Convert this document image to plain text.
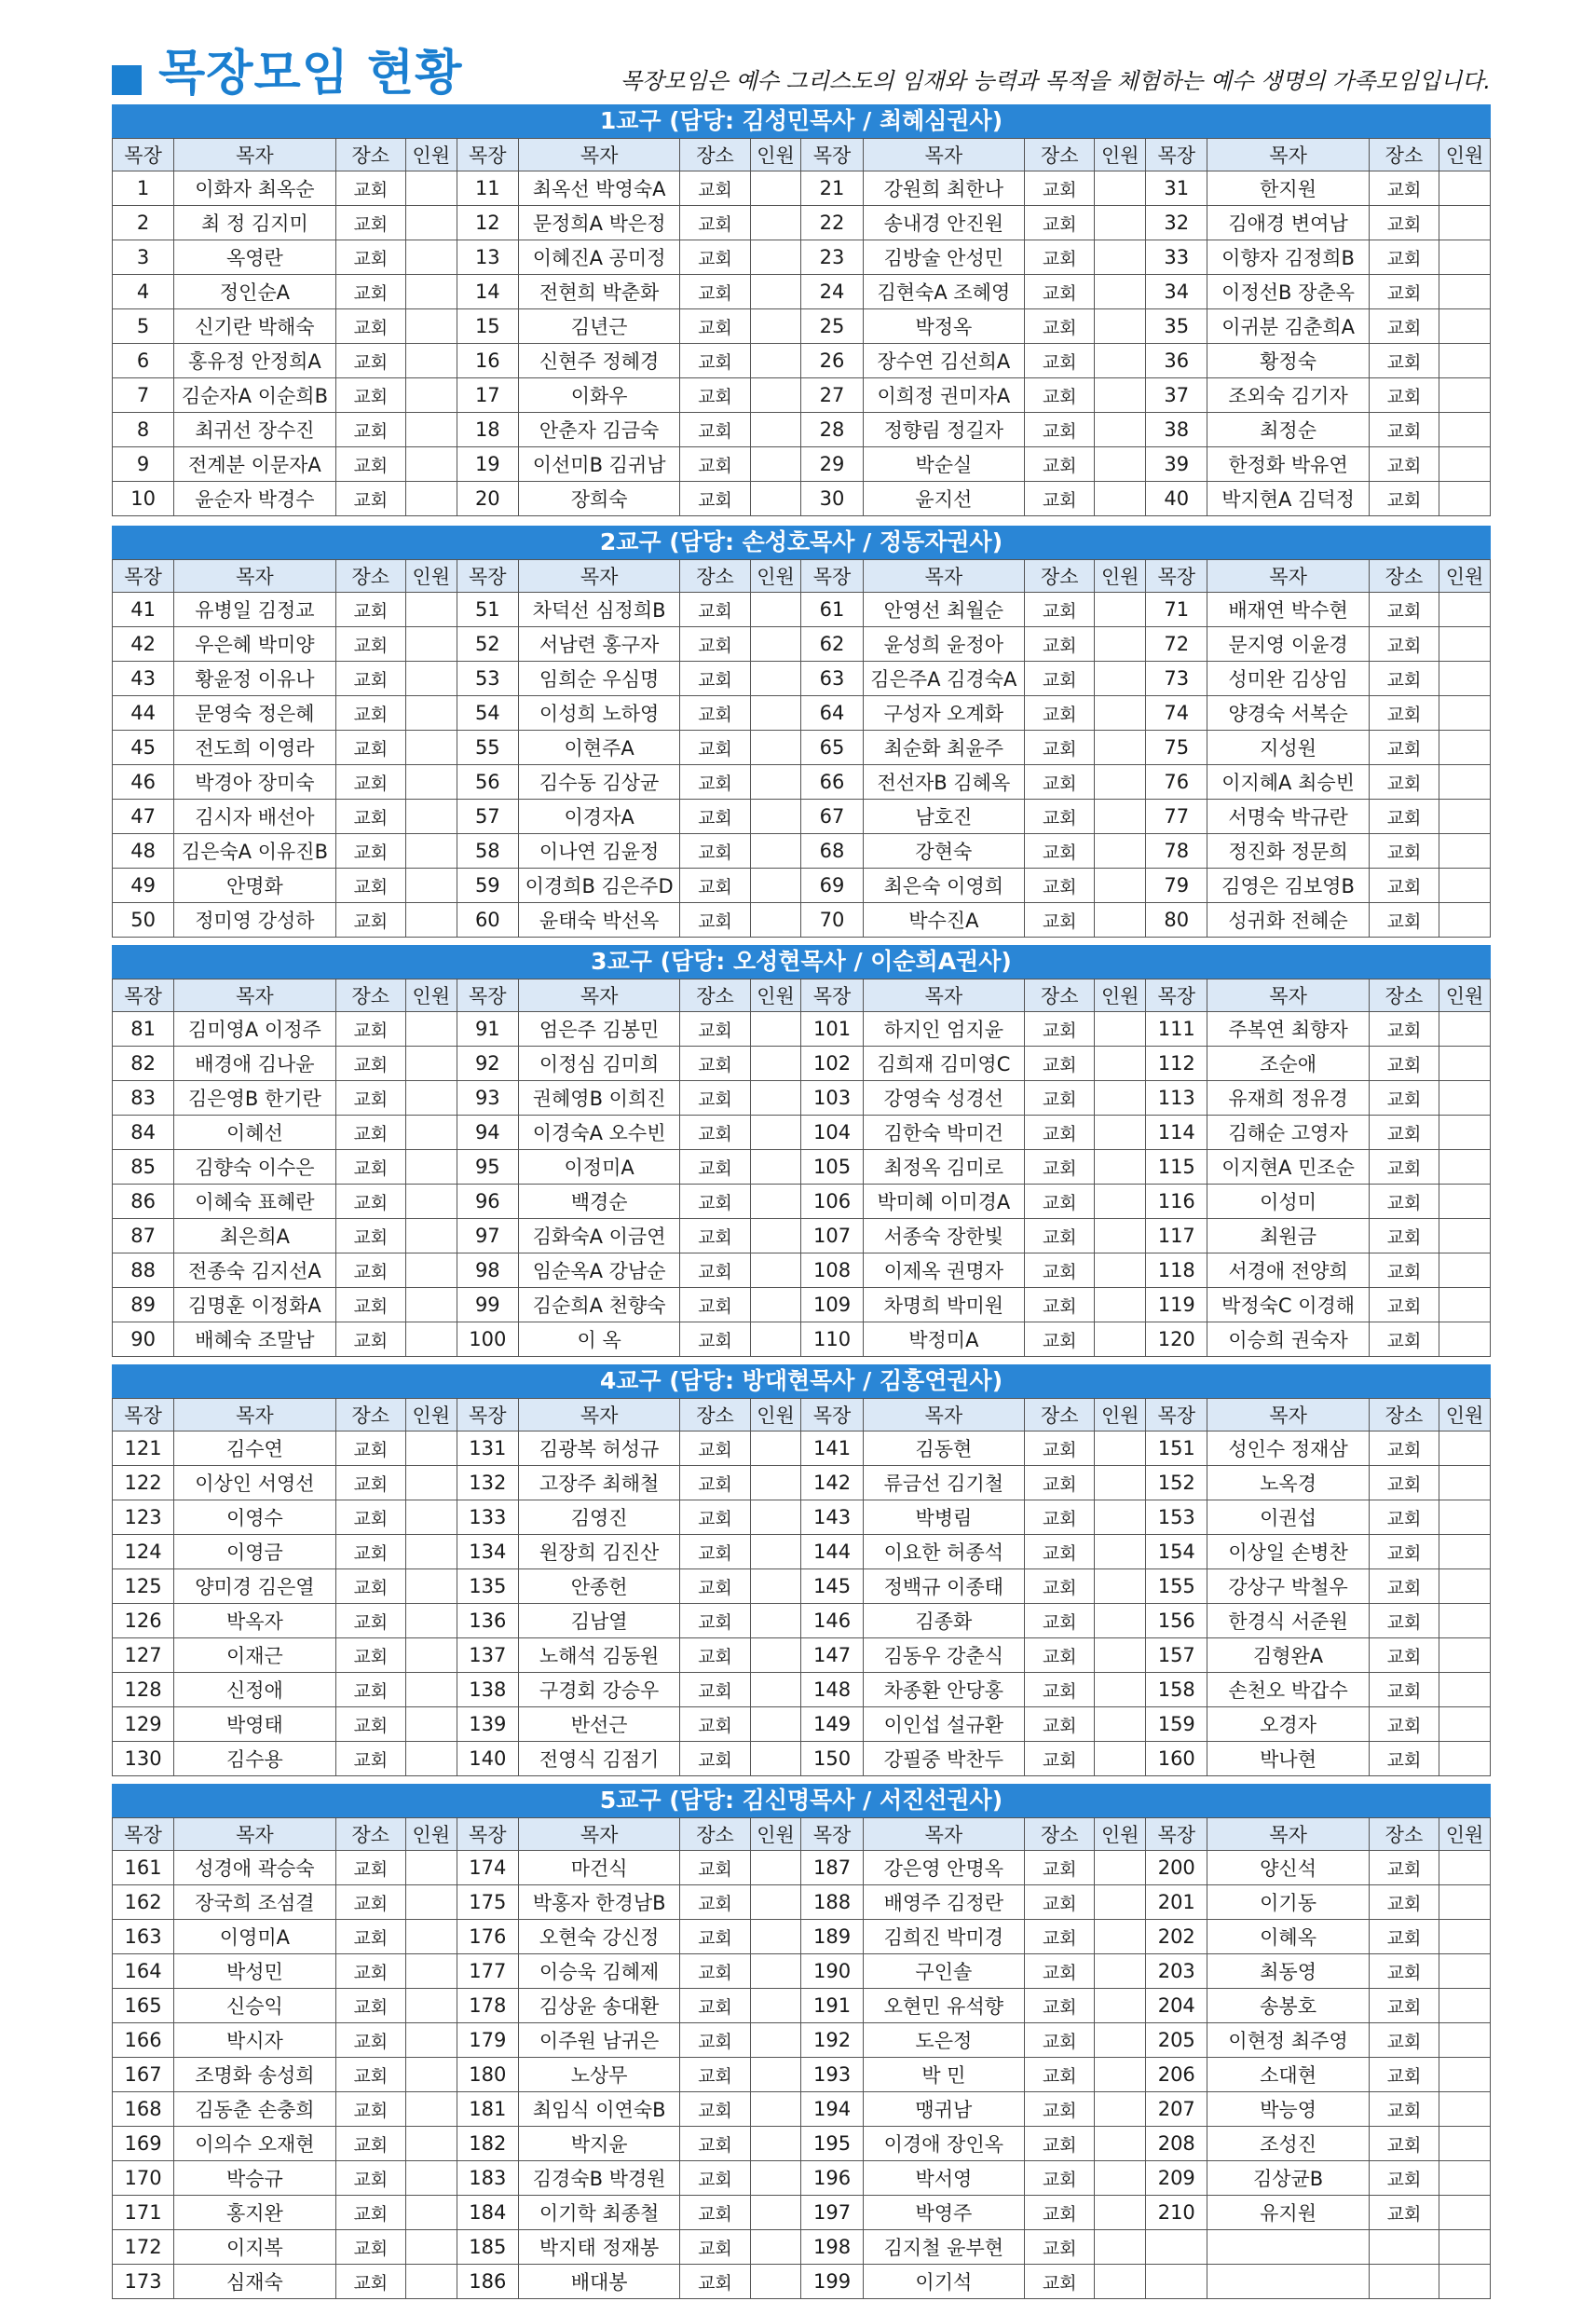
목장모임 현황	목장모임은 예수 그리스도의 임재와 능력과 목적을 체험하는 예수 생명의 가족모임입니다.
1교구 (담당: 김성민목사 / 최혜심권사)
목장	목자	장소	인원	목장	목자	장소	인원	목장	목자	장소	인원	목장	목자	장소	인원
1	이화자 최옥순	교회		11	최옥선 박영숙A	교회		21	강원희 최한나	교회		31	한지원	교회	
2	최 정 김지미	교회		12	문정희A 박은정	교회		22	송내경 안진원	교회		32	김애경 변여남	교회	
3	옥영란	교회		13	이혜진A 공미정	교회		23	김방술 안성민	교회		33	이향자 김정희B	교회	
4	정인순A	교회		14	전현희 박춘화	교회		24	김현숙A 조혜영	교회		34	이정선B 장춘옥	교회	
5	신기란 박해숙	교회		15	김년근	교회		25	박정옥	교회		35	이귀분 김춘희A	교회	
6	홍유정 안정희A	교회		16	신현주 정혜경	교회		26	장수연 김선희A	교회		36	황정숙	교회	
7	김순자A 이순희B	교회		17	이화우	교회		27	이희정 권미자A	교회		37	조외숙 김기자	교회	
8	최귀선 장수진	교회		18	안춘자 김금숙	교회		28	정향림 정길자	교회		38	최정순	교회	
9	전계분 이문자A	교회		19	이선미B 김귀남	교회		29	박순실	교회		39	한정화 박유연	교회	
10	윤순자 박경수	교회		20	장희숙	교회		30	윤지선	교회		40	박지현A 김덕정	교회	
2교구 (담당: 손성호목사 / 정동자권사)
목장	목자	장소	인원	목장	목자	장소	인원	목장	목자	장소	인원	목장	목자	장소	인원
41	유병일 김정교	교회		51	차덕선 심정희B	교회		61	안영선 최월순	교회		71	배재연 박수현	교회	
42	우은혜 박미양	교회		52	서남련 홍구자	교회		62	윤성희 윤정아	교회		72	문지영 이윤경	교회	
43	황윤정 이유나	교회		53	임희순 우심명	교회		63	김은주A 김경숙A	교회		73	성미완 김상임	교회	
44	문영숙 정은혜	교회		54	이성희 노하영	교회		64	구성자 오계화	교회		74	양경숙 서복순	교회	
45	전도희 이영라	교회		55	이현주A	교회		65	최순화 최윤주	교회		75	지성원	교회	
46	박경아 장미숙	교회		56	김수동 김상균	교회		66	전선자B 김혜옥	교회		76	이지혜A 최승빈	교회	
47	김시자 배선아	교회		57	이경자A	교회		67	남호진	교회		77	서명숙 박규란	교회	
48	김은숙A 이유진B	교회		58	이나연 김윤정	교회		68	강현숙	교회		78	정진화 정문희	교회	
49	안명화	교회		59	이경희B 김은주D	교회		69	최은숙 이영희	교회		79	김영은 김보영B	교회	
50	정미영 강성하	교회		60	윤태숙 박선옥	교회		70	박수진A	교회		80	성귀화 전혜순	교회	
3교구 (담당: 오성현목사 / 이순희A권사)
목장	목자	장소	인원	목장	목자	장소	인원	목장	목자	장소	인원	목장	목자	장소	인원
81	김미영A 이정주	교회		91	엄은주 김봉민	교회		101	하지인 엄지윤	교회		111	주복연 최향자	교회	
82	배경애 김나윤	교회		92	이정심 김미희	교회		102	김희재 김미영C	교회		112	조순애	교회	
83	김은영B 한기란	교회		93	권혜영B 이희진	교회		103	강영숙 성경선	교회		113	유재희 정유경	교회	
84	이혜선	교회		94	이경숙A 오수빈	교회		104	김한숙 박미건	교회		114	김해순 고영자	교회	
85	김향숙 이수은	교회		95	이정미A	교회		105	최정옥 김미로	교회		115	이지현A 민조순	교회	
86	이혜숙 표혜란	교회		96	백경순	교회		106	박미혜 이미경A	교회		116	이성미	교회	
87	최은희A	교회		97	김화숙A 이금연	교회		107	서종숙 장한빛	교회		117	최원금	교회	
88	전종숙 김지선A	교회		98	임순옥A 강남순	교회		108	이제옥 권명자	교회		118	서경애 전양희	교회	
89	김명훈 이정화A	교회		99	김순희A 천향숙	교회		109	차명희 박미원	교회		119	박정숙C 이경해	교회	
90	배혜숙 조말남	교회		100	이 옥	교회		110	박정미A	교회		120	이승희 권숙자	교회	
4교구 (담당: 방대현목사 / 김홍연권사)
목장	목자	장소	인원	목장	목자	장소	인원	목장	목자	장소	인원	목장	목자	장소	인원
121	김수연	교회		131	김광복 허성규	교회		141	김동현	교회		151	성인수 정재삼	교회	
122	이상인 서영선	교회		132	고장주 최해철	교회		142	류금선 김기철	교회		152	노옥경	교회	
123	이영수	교회		133	김영진	교회		143	박병림	교회		153	이권섭	교회	
124	이영금	교회		134	원장희 김진산	교회		144	이요한 허종석	교회		154	이상일 손병찬	교회	
125	양미경 김은열	교회		135	안종헌	교회		145	정백규 이종태	교회		155	강상구 박철우	교회	
126	박옥자	교회		136	김남열	교회		146	김종화	교회		156	한경식 서준원	교회	
127	이재근	교회		137	노해석 김동원	교회		147	김동우 강춘식	교회		157	김형완A	교회	
128	신정애	교회		138	구경회 강승우	교회		148	차종환 안당홍	교회		158	손천오 박갑수	교회	
129	박영태	교회		139	반선근	교회		149	이인섭 설규환	교회		159	오경자	교회	
130	김수용	교회		140	전영식 김점기	교회		150	강필중 박찬두	교회		160	박나현	교회	
5교구 (담당: 김신명목사 / 서진선권사)
목장	목자	장소	인원	목장	목자	장소	인원	목장	목자	장소	인원	목장	목자	장소	인원
161	성경애 곽승숙	교회		174	마건식	교회		187	강은영 안명옥	교회		200	양신석	교회	
162	장국희 조섬결	교회		175	박홍자 한경남B	교회		188	배영주 김정란	교회		201	이기동	교회	
163	이영미A	교회		176	오현숙 강신정	교회		189	김희진 박미경	교회		202	이혜옥	교회	
164	박성민	교회		177	이승욱 김혜제	교회		190	구인솔	교회		203	최동영	교회	
165	신승익	교회		178	김상윤 송대환	교회		191	오현민 유석향	교회		204	송봉호	교회	
166	박시자	교회		179	이주원 남귀은	교회		192	도은정	교회		205	이현정 최주영	교회	
167	조명화 송성희	교회		180	노상무	교회		193	박 민	교회		206	소대현	교회	
168	김동춘 손충희	교회		181	최임식 이연숙B	교회		194	맹귀남	교회		207	박능영	교회	
169	이의수 오재현	교회		182	박지윤	교회		195	이경애 장인옥	교회		208	조성진	교회	
170	박승규	교회		183	김경숙B 박경원	교회		196	박서영	교회		209	김상균B	교회	
171	홍지완	교회		184	이기학 최종철	교회		197	박영주	교회		210	유지원	교회	
172	이지복	교회		185	박지태 정재봉	교회		198	김지철 윤부현	교회					
173	심재숙	교회		186	배대봉	교회		199	이기석	교회					
